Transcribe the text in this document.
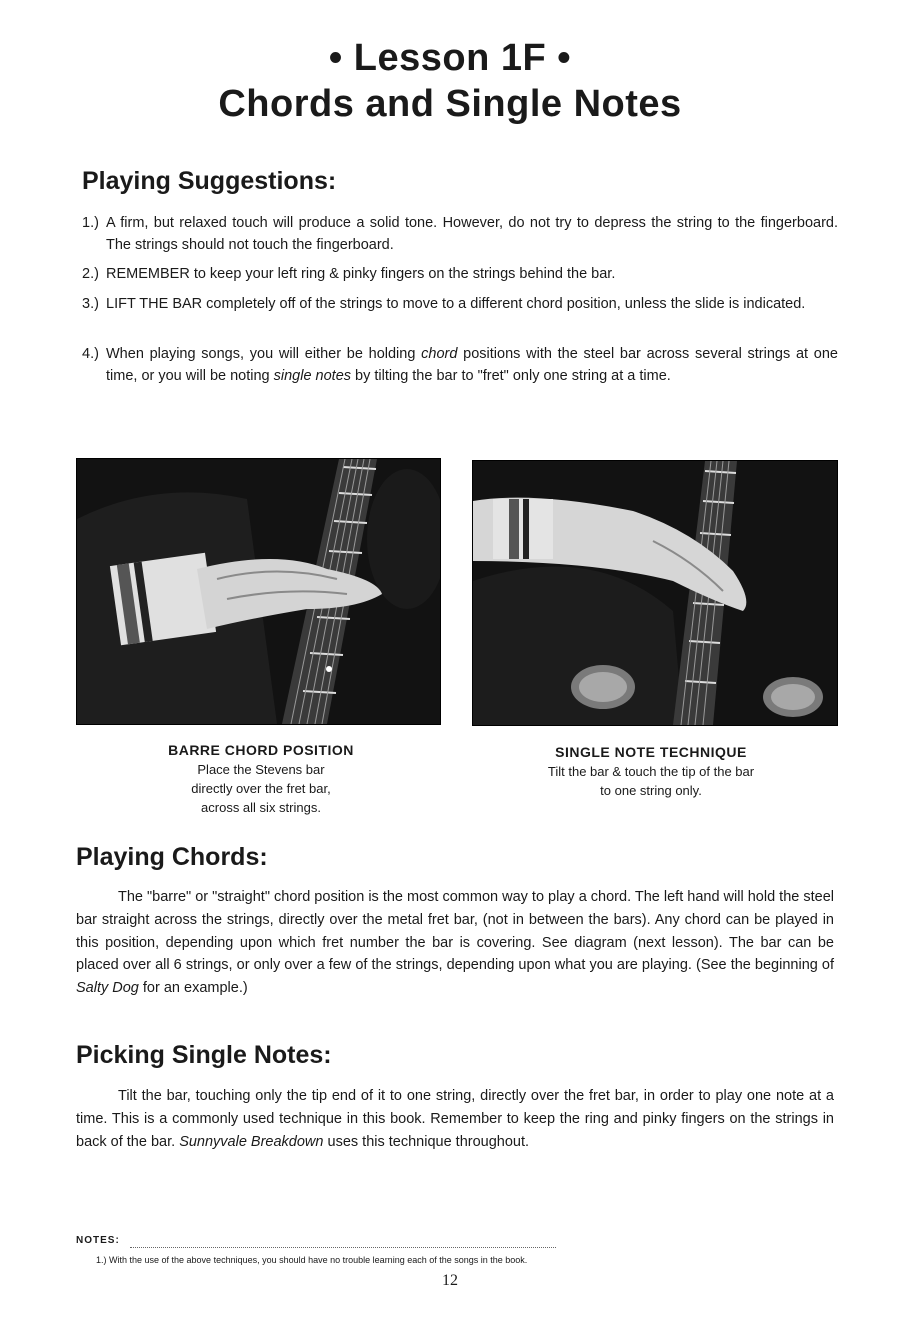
• Lesson 1F •
Chords and Single Notes
Playing Suggestions:
1.) A firm, but relaxed touch will produce a solid tone. However, do not try to depress the string to the fingerboard. The strings should not touch the fingerboard.
2.) REMEMBER to keep your left ring & pinky fingers on the strings behind the bar.
3.) LIFT THE BAR completely off of the strings to move to a different chord position, unless the slide is indicated.
4.) When playing songs, you will either be holding chord positions with the steel bar across several strings at one time, or you will be noting single notes by tilting the bar to "fret" only one string at a time.
BARRE CHORD POSITION
Place the Stevens bar
directly over the fret bar,
across all six strings.
SINGLE NOTE TECHNIQUE
Tilt the bar & touch the tip of the bar
to one string only.
Playing Chords:
The "barre" or "straight" chord position is the most common way to play a chord. The left hand will hold the steel bar straight across the strings, directly over the metal fret bar, (not in between the bars). Any chord can be played in this position, depending upon which fret number the bar is covering. See diagram (next lesson). The bar can be placed over all 6 strings, or only over a few of the strings, depending upon what you are playing. (See the beginning of Salty Dog for an example.)
Picking Single Notes:
Tilt the bar, touching only the tip end of it to one string, directly over the fret bar, in order to play one note at a time. This is a commonly used technique in this book. Remember to keep the ring and pinky fingers on the strings in back of the bar. Sunnyvale Breakdown uses this technique throughout.
NOTES:
1.) With the use of the above techniques, you should have no trouble learning each of the songs in the book.
12
